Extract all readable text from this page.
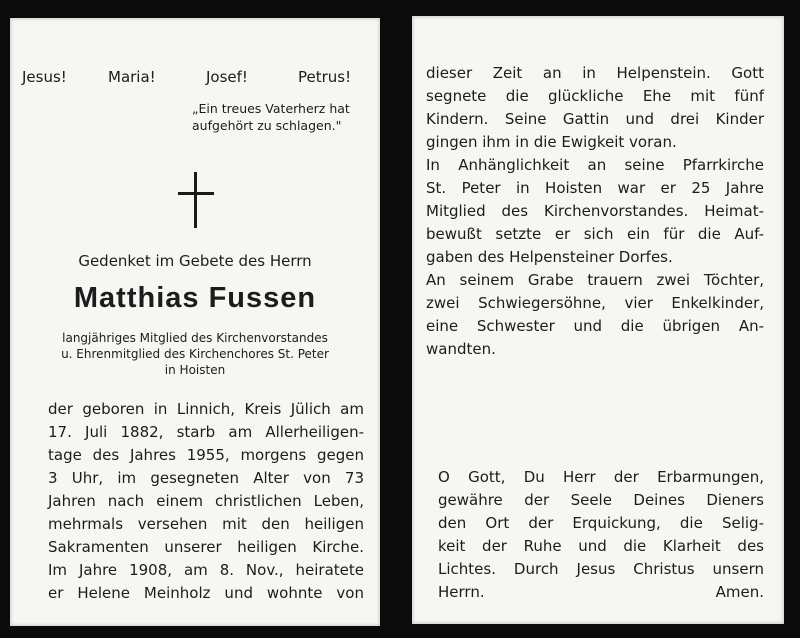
Jesus!	Maria!	Josef!	Petrus!
„Ein treues Vaterherz hat
aufgehört zu schlagen."
Gedenket im Gebete des Herrn
Matthias Fussen
langjähriges Mitglied des Kirchenvorstandes
u. Ehrenmitglied des Kirchenchores St. Peter
in Hoisten
der geboren in Linnich, Kreis Jülich am
17. Juli 1882, starb am Allerheiligen-
tage des Jahres 1955, morgens gegen
3 Uhr, im gesegneten Alter von 73
Jahren nach einem christlichen Leben,
mehrmals versehen mit den heiligen
Sakramenten unserer heiligen Kirche.
Im Jahre 1908, am 8. Nov., heiratete
er Helene Meinholz und wohnte von
dieser Zeit an in Helpenstein. Gott
segnete die glückliche Ehe mit fünf
Kindern. Seine Gattin und drei Kinder
gingen ihm in die Ewigkeit voran.
In Anhänglichkeit an seine Pfarrkirche
St. Peter in Hoisten war er 25 Jahre
Mitglied des Kirchenvorstandes. Heimat-
bewußt setzte er sich ein für die Auf-
gaben des Helpensteiner Dorfes.
An seinem Grabe trauern zwei Töchter,
zwei Schwiegersöhne, vier Enkelkinder,
eine Schwester und die übrigen An-
wandten.
O Gott, Du Herr der Erbarmungen,
gewähre der Seele Deines Dieners
den Ort der Erquickung, die Selig-
keit der Ruhe und die Klarheit des
Lichtes. Durch Jesus Christus unsern
Herrn.	Amen.
